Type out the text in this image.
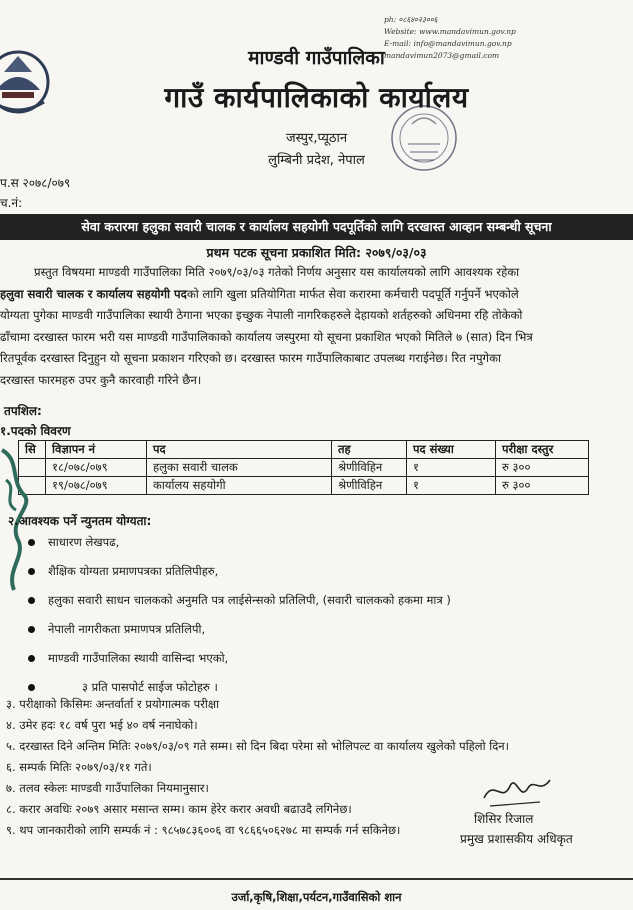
ph: ०८६४०२३००६
Website: www.mandavimun.gov.np
E-mail: info@mandavimun.gov.np
mandavimun2073@gmail.com
माण्डवी गाउँपालिका
गाउँ कार्यपालिकाको कार्यालय
जस्पुर,प्यूठान
लुम्बिनी प्रदेश, नेपाल
प.स २०७८/०७९
च.नं:
सेवा करारमा हलुका सवारी चालक र कार्यालय सहयोगी पदपूर्तिको लागि दरखास्त आव्हान सम्बन्धी सूचना
प्रथम पटक सूचना प्रकाशित मिति: २०७९/०३/०३

प्रस्तुत विषयमा माण्डवी गाउँपालिका मिति २०७९/०३/०३ गतेको निर्णय अनुसार यस कार्यालयको लागि आवश्यक रहेका

हलुवा सवारी चालक र कार्यालय सहयोगी पदको लागि खुला प्रतियोगिता मार्फत सेवा करारमा कर्मचारी पदपूर्ति गर्नुपर्ने भएकोले

योग्यता पुगेका माण्डवी गाउँपालिका स्थायी ठेगाना भएका इच्छुक नेपाली नागरिकहरुले देहायको शर्तहरुको अधिनमा रहि तोकेको

ढाँचामा दरखास्त फारम भरी यस माण्डवी गाउँपालिकाको कार्यालय जस्पुरमा यो सूचना प्रकाशित भएको मितिले ७ (सात) दिन भित्र

रितपूर्वक दरखास्त दिनुहुन यो सूचना प्रकाशन गरिएको छ। दरखास्त फारम गाउँपालिकाबाट उपलब्ध गराईनेछ। रित नपुगेका

दरखास्त फारमहरु उपर कुनै कारवाही गरिने छैन।

तपशिल:
१.पदको विवरण
सि	विज्ञापन नं	पद	तह	पद संख्या	परीक्षा दस्तुर
	१८/०७८/०७९	हलुका सवारी चालक	श्रेणीविहिन	१	रु ३००
	१९/०७८/०७९	कार्यालय सहयोगी	श्रेणीविहिन	१	रु ३००
२.आवश्यक पर्ने न्युनतम योग्यता:
साधारण लेखपढ,
शैक्षिक योग्यता प्रमाणपत्रका प्रतिलिपीहरु,
हलुका सवारी साधन चालकको अनुमति पत्र लाईसेन्सको प्रतिलिपी, (सवारी चालकको हकमा मात्र )
नेपाली नागरीकता प्रमाणपत्र प्रतिलिपी,
माण्डवी गाउँपालिका स्थायी वासिन्दा भएको,
३ प्रति पासपोर्ट साईज फोटोहरु ।
३. परीक्षाको किसिमः अन्तर्वार्ता र प्रयोगात्मक परीक्षा
४. उमेर हदः १८ वर्ष पुरा भई ४० वर्ष ननाघेको।
५. दरखास्त दिने अन्तिम मितिः २०७९/०३/०९ गते सम्म। सो दिन बिदा परेमा सो भोलिपल्ट वा कार्यालय खुलेको पहिलो दिन।
६. सम्पर्क मितिः २०७९/०३/११ गते।
७. तलव स्केलः माण्डवी गाउँपालिका नियमानुसार।
८. करार अवधिः २०७९ असार मसान्त सम्म। काम हेरेर करार अवधी बढाउदै लगिनेछ।
९. थप जानकारीको लागि सम्पर्क नं : ९८५७८३६००६ वा ९८६६५०६२७८ मा सम्पर्क गर्न सकिनेछ।
शिसिर रिजाल
प्रमुख प्रशासकीय अधिकृत
उर्जा,कृषि,शिक्षा,पर्यटन,गाउँवासिको शान
